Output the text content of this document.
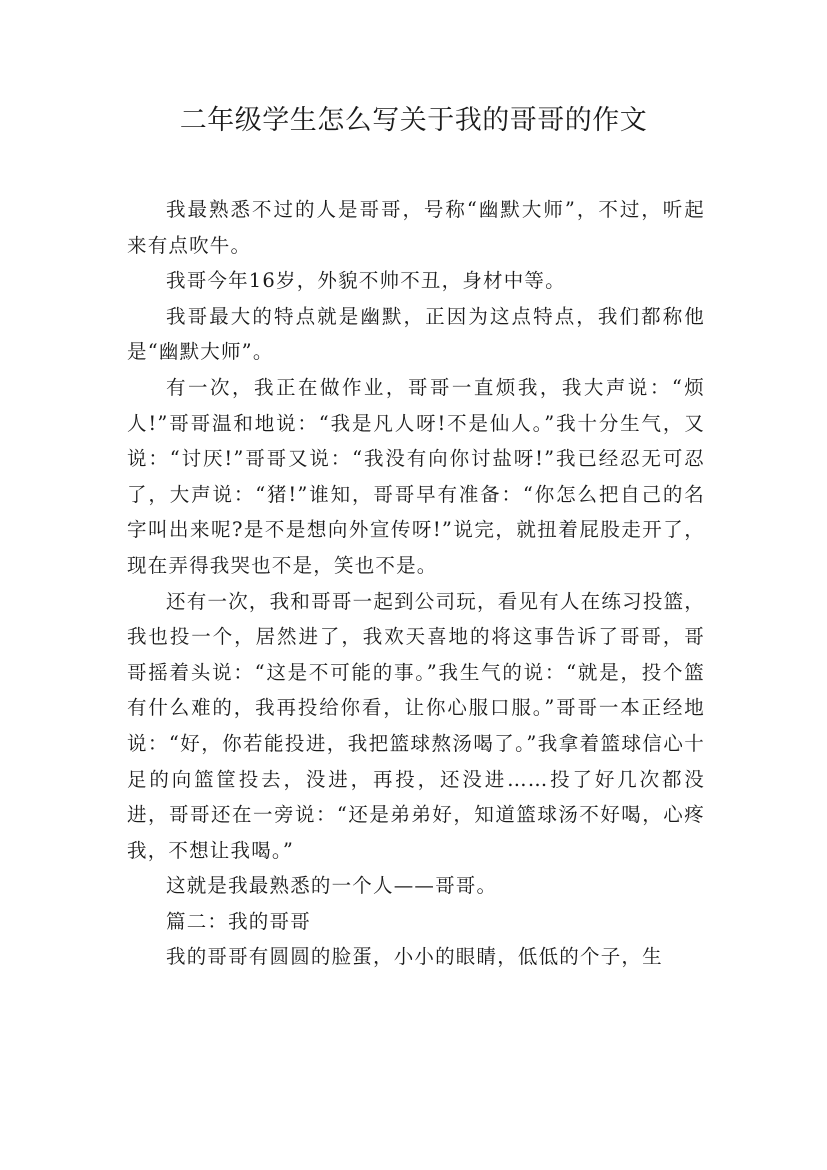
二年级学生怎么写关于我的哥哥的作文

我最熟悉不过的人是哥哥，号称“幽默大师”，不过，听起来有点吹牛。

我哥今年16岁，外貌不帅不丑，身材中等。

我哥最大的特点就是幽默，正因为这点特点，我们都称他是“幽默大师”。

有一次，我正在做作业，哥哥一直烦我，我大声说：“烦人!”哥哥温和地说：“我是凡人呀!不是仙人。”我十分生气，又说：“讨厌!”哥哥又说：“我没有向你讨盐呀!”我已经忍无可忍了，大声说：“猪!”谁知，哥哥早有准备：“你怎么把自己的名字叫出来呢?是不是想向外宣传呀!”说完，就扭着屁股走开了，现在弄得我哭也不是，笑也不是。

还有一次，我和哥哥一起到公司玩，看见有人在练习投篮，我也投一个，居然进了，我欢天喜地的将这事告诉了哥哥，哥哥摇着头说：“这是不可能的事。”我生气的说：“就是，投个篮有什么难的，我再投给你看，让你心服口服。”哥哥一本正经地说：“好，你若能投进，我把篮球熬汤喝了。”我拿着篮球信心十足的向篮筐投去，没进，再投，还没进……投了好几次都没进，哥哥还在一旁说：“还是弟弟好，知道篮球汤不好喝，心疼我，不想让我喝。”

这就是我最熟悉的一个人——哥哥。

篇二：我的哥哥

我的哥哥有圆圆的脸蛋，小小的眼睛，低低的个子，生
